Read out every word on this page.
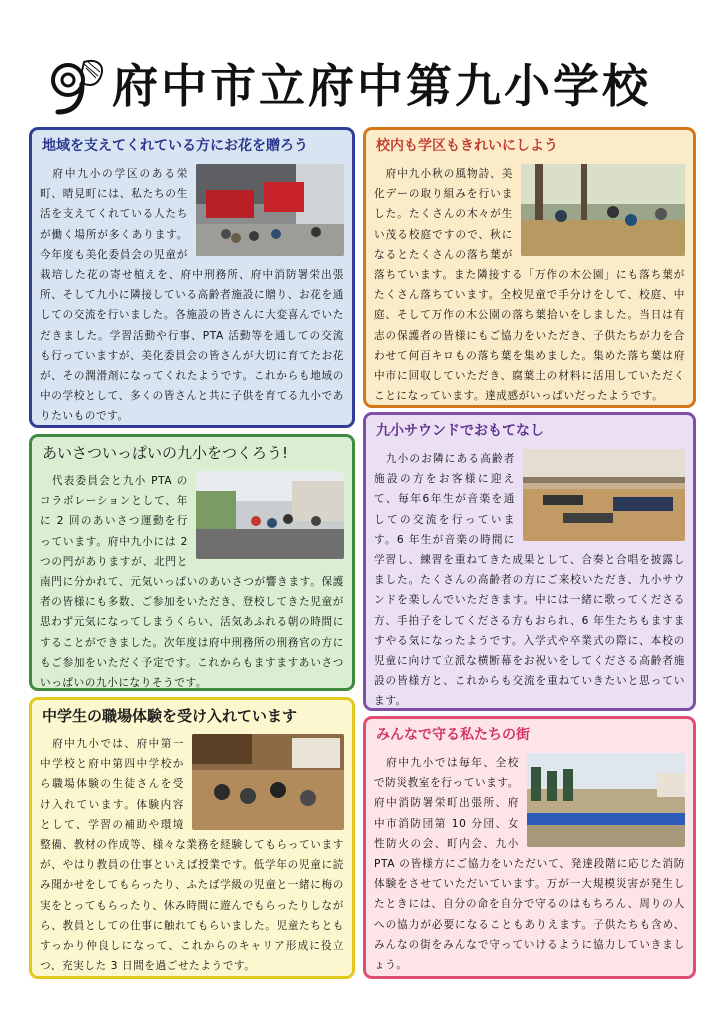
府中市立府中第九小学校
地域を支えてくれている方にお花を贈ろう

　府中九小の学区のある栄町、晴見町には、私たちの生活を支えてくれている人たちが働く場所が多くあります。今年度も美化委員会の児童が栽培した花の寄せ植えを、府中刑務所、府中消防署栄出張所、そして九小に隣接している高齢者施設に贈り、お花を通しての交流を行いました。各施設の皆さんに大変喜んでいただきました。学習活動や行事、PTA 活動等を通しての交流も行っていますが、美化委員会の皆さんが大切に育てたお花が、その潤滑剤になってくれたようです。これからも地域の中の学校として、多くの皆さんと共に子供を育てる九小でありたいものです。

校内も学区もきれいにしよう

　府中九小秋の風物詩、美化デーの取り組みを行いました。たくさんの木々が生い茂る校庭ですので、秋になるとたくさんの落ち葉が落ちています。また隣接する「万作の木公園」にも落ち葉がたくさん落ちています。全校児童で手分けをして、校庭、中庭、そして万作の木公園の落ち葉拾いをしました。当日は有志の保護者の皆様にもご協力をいただき、子供たちが力を合わせて何百キロもの落ち葉を集めました。集めた落ち葉は府中市に回収していただき、腐葉土の材料に活用していただくことになっています。達成感がいっぱいだったようです。

あいさついっぱいの九小をつくろう!

　代表委員会と九小 PTA のコラボレーションとして、年に 2 回のあいさつ運動を行っています。府中九小には 2 つの門がありますが、北門と南門に分かれて、元気いっぱいのあいさつが響きます。保護者の皆様にも多数、ご参加をいただき、登校してきた児童が思わず元気になってしまうくらい、活気あふれる朝の時間にすることができました。次年度は府中刑務所の刑務官の方にもご参加をいただく予定です。これからもますますあいさついっぱいの九小になりそうです。

九小サウンドでおもてなし

　九小のお隣にある高齢者施設の方をお客様に迎えて、毎年6年生が音楽を通しての交流を行っています。6 年生が音楽の時間に学習し、練習を重ねてきた成果として、合奏と合唱を披露しました。たくさんの高齢者の方にご来校いただき、九小サウンドを楽しんでいただきます。中には一緒に歌ってくださる方、手拍子をしてくださる方もおられ、6 年生たちもますますやる気になったようです。入学式や卒業式の際に、本校の児童に向けて立派な横断幕をお祝いをしてくださる高齢者施設の皆様方と、これからも交流を重ねていきたいと思っています。

中学生の職場体験を受け入れています

　府中九小では、府中第一中学校と府中第四中学校から職場体験の生徒さんを受け入れています。体験内容として、学習の補助や環境整備、教材の作成等、様々な業務を経験してもらっていますが、やはり教員の仕事といえば授業です。低学年の児童に読み聞かせをしてもらったり、ふたば学級の児童と一緒に梅の実をとってもらったり、休み時間に遊んでもらったりしながら、教員としての仕事に触れてもらいました。児童たちともすっかり仲良しになって、これからのキャリア形成に役立つ、充実した 3 日間を過ごせたようです。

みんなで守る私たちの街

　府中九小では毎年、全校で防災教室を行っています。府中消防署栄町出張所、府中市消防団第 10 分団、女性防火の会、町内会、九小 PTA の皆様方にご協力をいただいて、発達段階に応じた消防体験をさせていただいています。万が一大規模災害が発生したときには、自分の命を自分で守るのはもちろん、周りの人への協力が必要になることもありえます。子供たちも含め、みんなの街をみんなで守っていけるように協力していきましょう。
